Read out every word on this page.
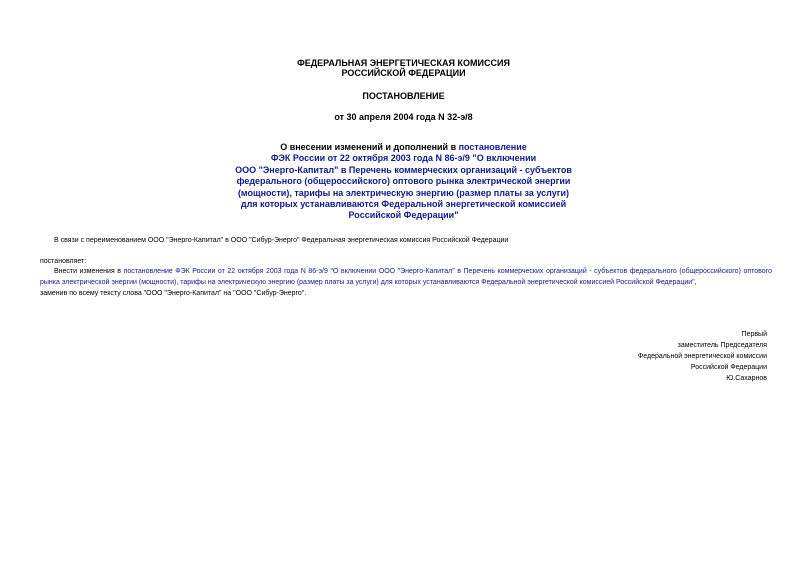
ФЕДЕРАЛЬНАЯ ЭНЕРГЕТИЧЕСКАЯ КОМИССИЯ
РОССИЙСКОЙ ФЕДЕРАЦИИ
ПОСТАНОВЛЕНИЕ
от 30 апреля 2004 года N 32-э/8
О внесении изменений и дополнений в постановление
ФЭК России от 22 октября 2003 года N 86-э/9 "О включении
ООО "Энерго-Капитал" в Перечень коммерческих организаций - субъектов
федерального (общероссийского) оптового рынка электрической энергии
(мощности), тарифы на электрическую энергию (размер платы за услуги)
для которых устанавливаются Федеральной энергетической комиссией
Российской Федерации"
В связи с переименованием ООО "Энерго-Капитал" в ООО "Сибур-Энерго" Федеральная энергетическая комиссия Российской Федерации
постановляет:
Внести изменения в постановление ФЭК России от 22 октября 2003 года N 86-э/9 "О включении ООО "Энерго-Капитал" в Перечень коммерческих организаций - субъектов федерального (общероссийского) оптового рынка электрической энергии (мощности), тарифы на электрическую энергию (размер платы за услуги) для которых устанавливаются Федеральной энергетической комиссией Российской Федерации",
заменив по всему тексту слова "ООО "Энерго-Капитал" на "ООО "Сибур-Энерго".
Первый
заместитель Председателя
Федеральной энергетической комиссии
Российской Федерации
Ю.Сахарнов
